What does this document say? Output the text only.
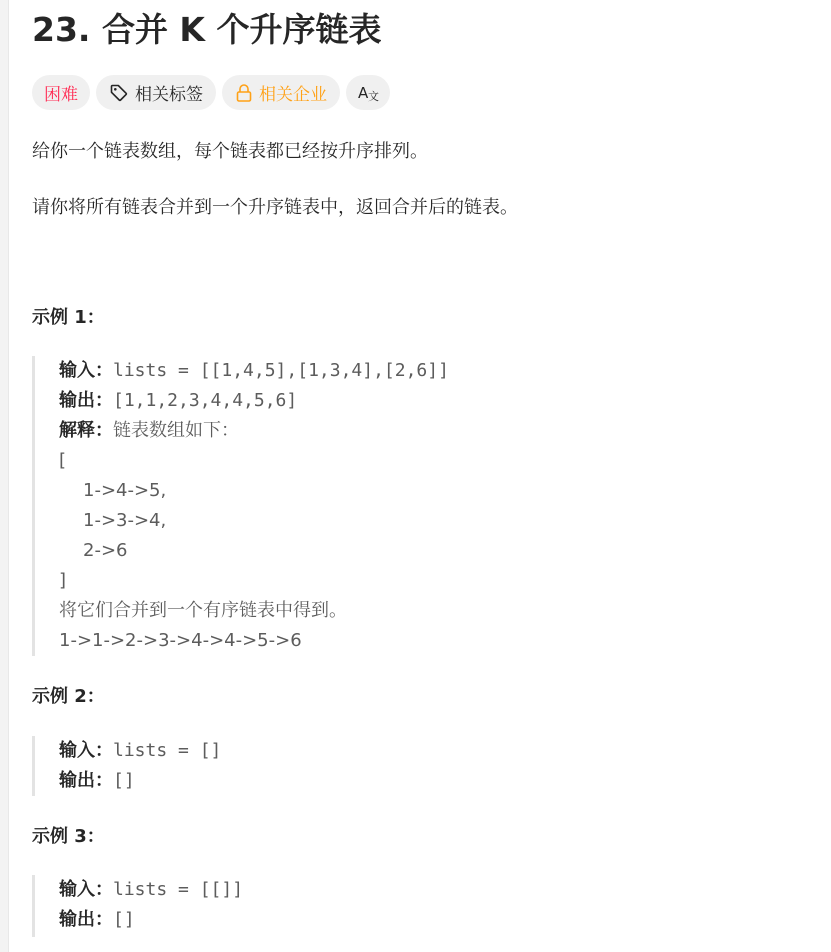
23. 合并 K 个升序链表
困难	相关标签	相关企业 A 文

给你一个链表数组，每个链表都已经按升序排列。

请你将所有链表合并到一个升序链表中，返回合并后的链表。

示例 1：

输入：lists = [[1,4,5],[1,3,4],[2,6]]
输出：[1,1,2,3,4,4,5,6]
解释：链表数组如下：
[
1->4->5,
1->3->4,
2->6
]
将它们合并到一个有序链表中得到。
1->1->2->3->4->4->5->6

示例 2：

输入：lists = []
输出：[]

示例 3：

输入：lists = [[]]
输出：[]
